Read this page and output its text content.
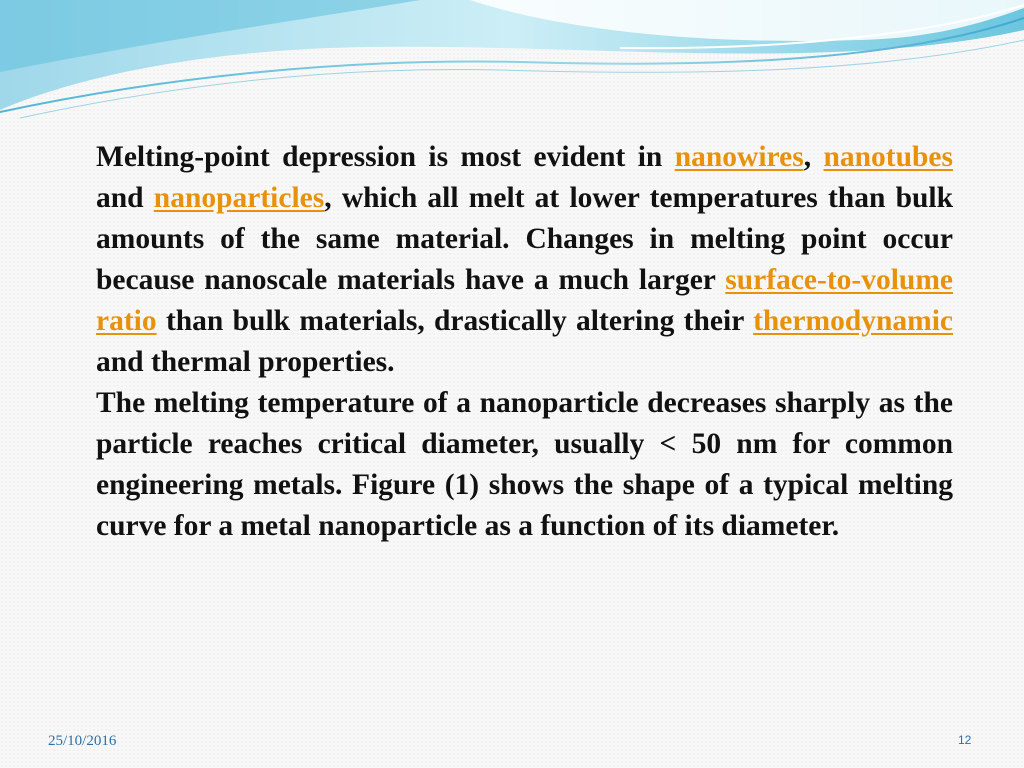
Melting-point depression is most evident in nanowires, nanotubes and nanoparticles, which all melt at lower temperatures than bulk amounts of the same material. Changes in melting point occur because nanoscale materials have a much larger surface-to-volume ratio than bulk materials, drastically altering their thermodynamic and thermal properties.

The melting temperature of a nanoparticle decreases sharply as the particle reaches critical diameter, usually < 50 nm for common engineering metals. Figure (1) shows the shape of a typical melting curve for a metal nanoparticle as a function of its diameter.

25/10/2016	12
